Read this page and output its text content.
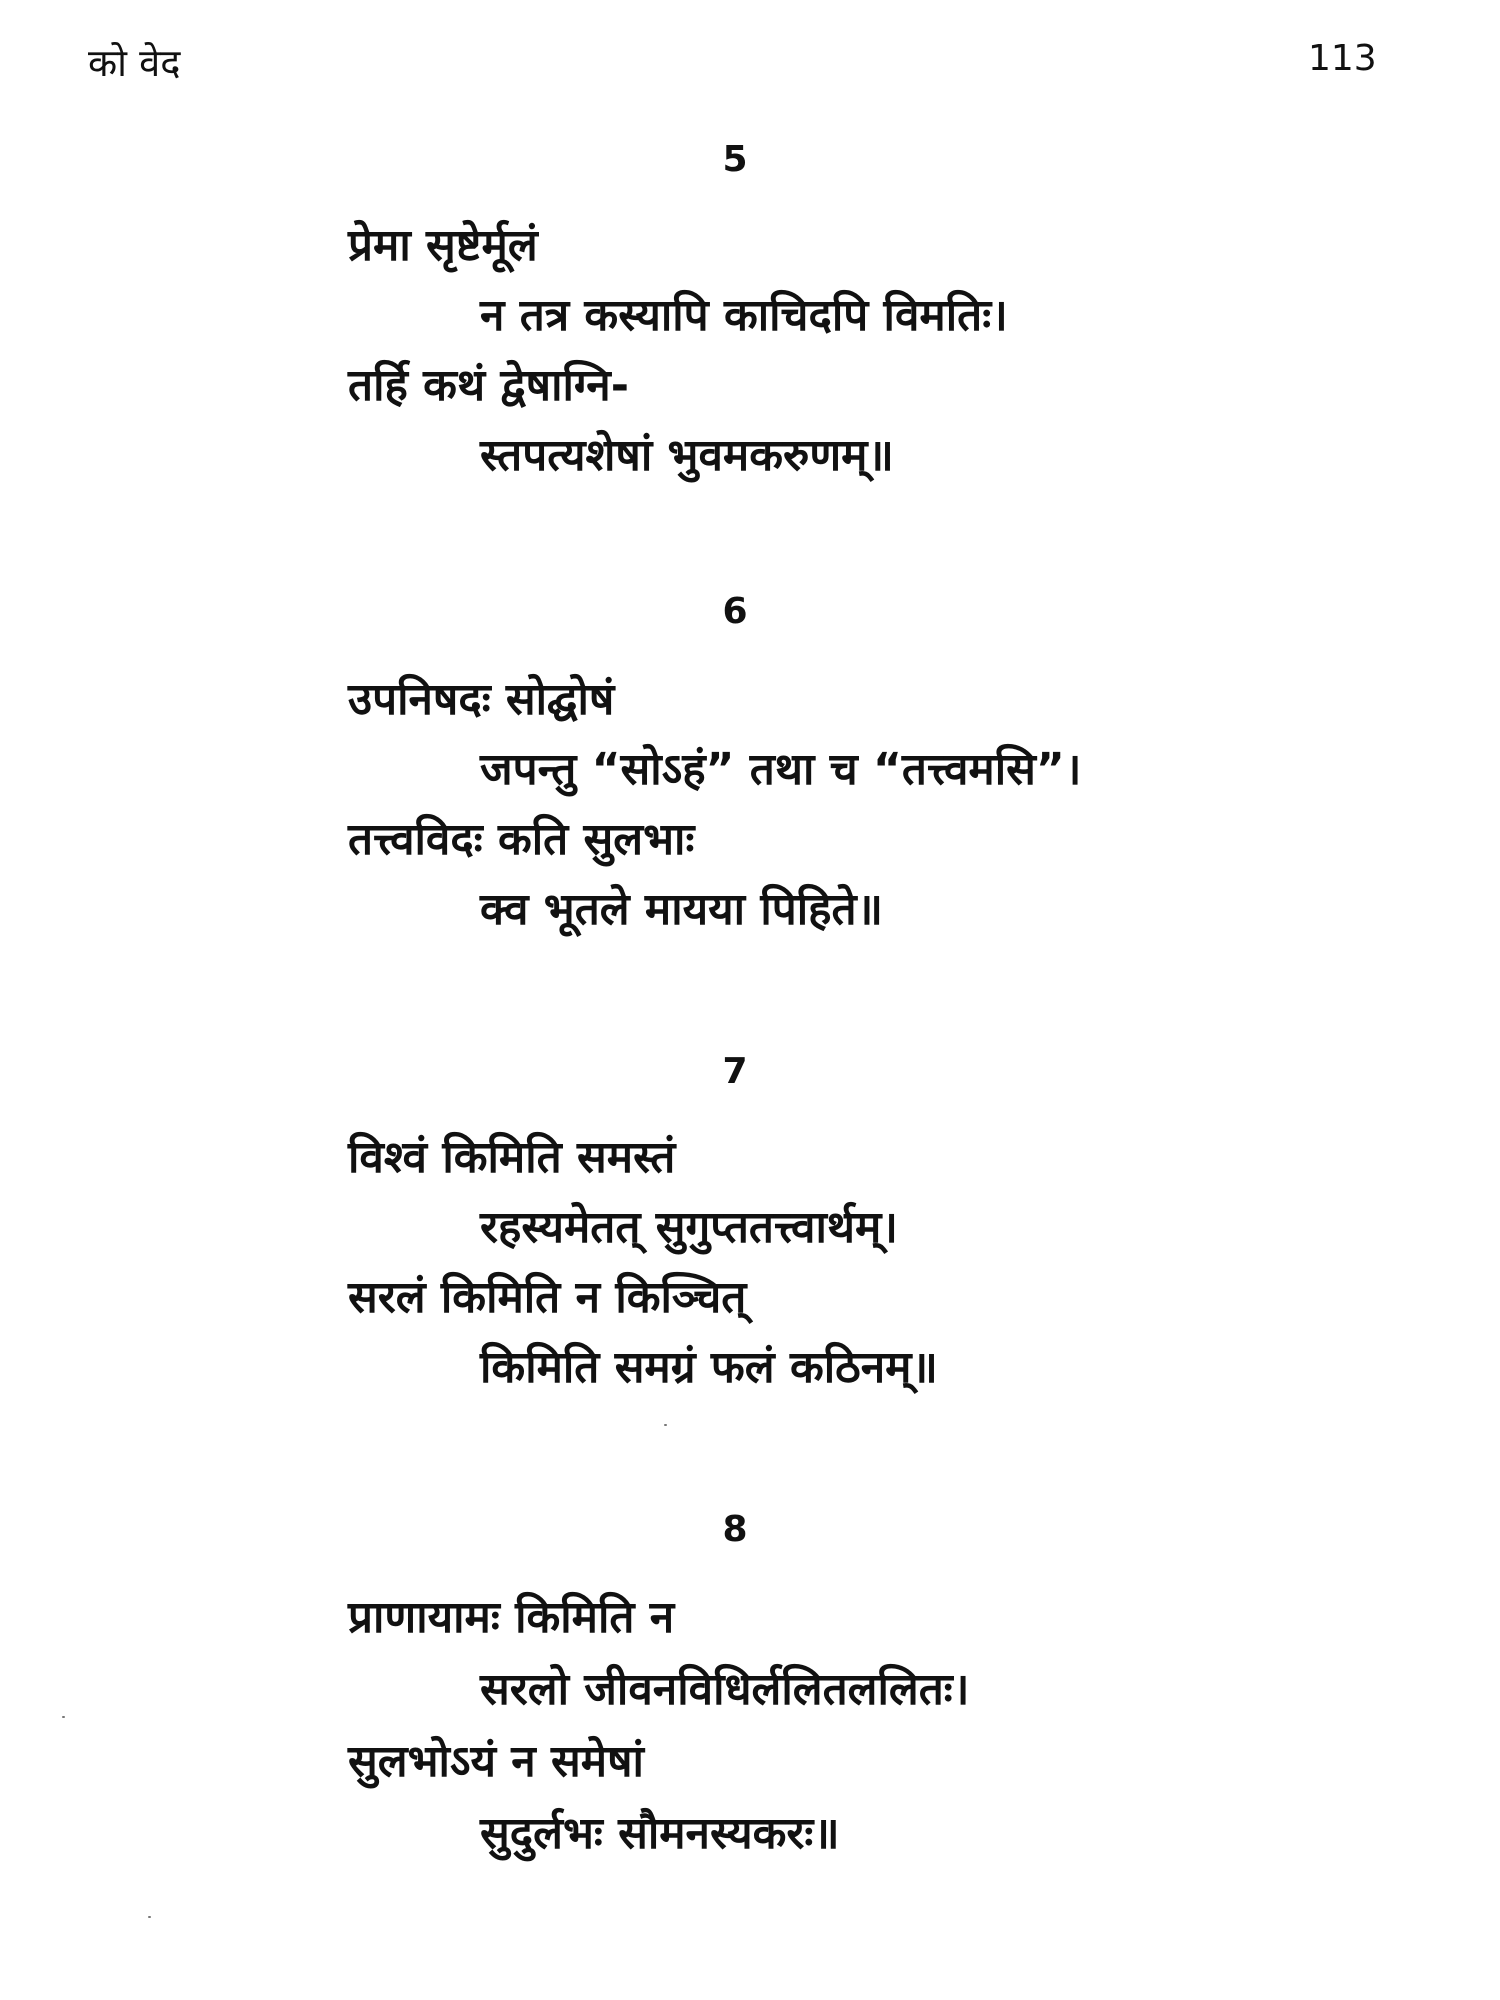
को वेद	113
5
प्रेमा सृष्टेर्मूलं
न तत्र कस्यापि काचिदपि विमतिः।
तर्हि कथं द्वेषाग्नि-
स्तपत्यशेषां भुवमकरुणम्॥
6
उपनिषदः सोद्घोषं
जपन्तु “सोऽहं” तथा च “तत्त्वमसि”।
तत्त्वविदः कति सुलभाः
क्व भूतले मायया पिहिते॥
7
विश्वं किमिति समस्तं
रहस्यमेतत् सुगुप्ततत्त्वार्थम्।
सरलं किमिति न किञ्चित्
किमिति समग्रं फलं कठिनम्॥
8
प्राणायामः किमिति न
सरलो जीवनविधिर्ललितललितः।
सुलभोऽयं न समेषां
सुदुर्लभः सौमनस्यकरः॥
